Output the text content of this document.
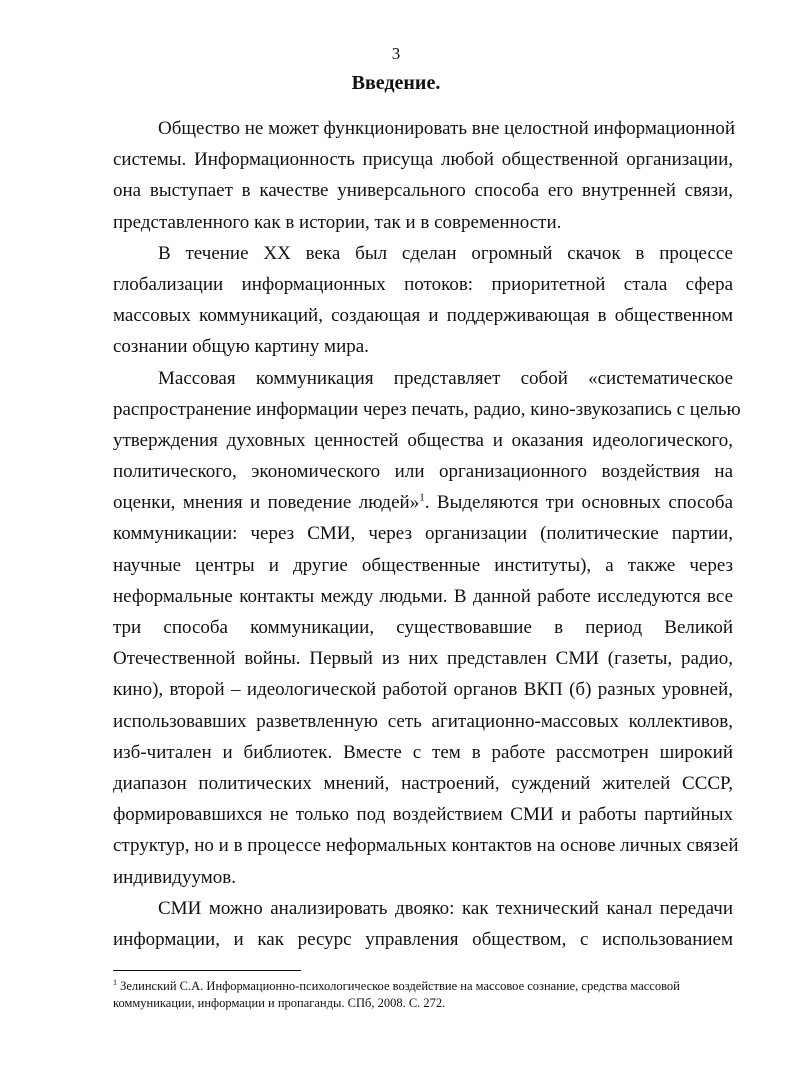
3
Введение.
Общество не может функционировать вне целостной информационной
системы. Информационность присуща любой общественной организации,
она выступает в качестве универсального способа его внутренней связи,
представленного как в истории, так и в современности.
В течение XX века был сделан огромный скачок в процессе
глобализации информационных потоков: приоритетной стала сфера
массовых коммуникаций, создающая и поддерживающая в общественном
сознании общую картину мира.
Массовая коммуникация представляет собой «систематическое
распространение информации через печать, радио, кино-звукозапись с целью
утверждения духовных ценностей общества и оказания идеологического,
политического, экономического или организационного воздействия на
оценки, мнения и поведение людей»$^1$. Выделяются три основных способа
коммуникации: через СМИ, через организации (политические партии,
научные центры и другие общественные институты), а также через
неформальные контакты между людьми. В данной работе исследуются все
три способа коммуникации, существовавшие в период Великой
Отечественной войны. Первый из них представлен СМИ (газеты, радио,
кино), второй – идеологической работой органов ВКП (б) разных уровней,
использовавших разветвленную сеть агитационно-массовых коллективов,
изб-читален и библиотек. Вместе с тем в работе рассмотрен широкий
диапазон политических мнений, настроений, суждений жителей СССР,
формировавшихся не только под воздействием СМИ и работы партийных
структур, но и в процессе неформальных контактов на основе личных связей
индивидуумов.
СМИ можно анализировать двояко: как технический канал передачи
информации, и как ресурс управления обществом, с использованием
$^1$ Зелинский С.А. Информационно-психологическое воздействие на массовое сознание, средства массовой
коммуникации, информации и пропаганды. СПб, 2008. С. 272.
